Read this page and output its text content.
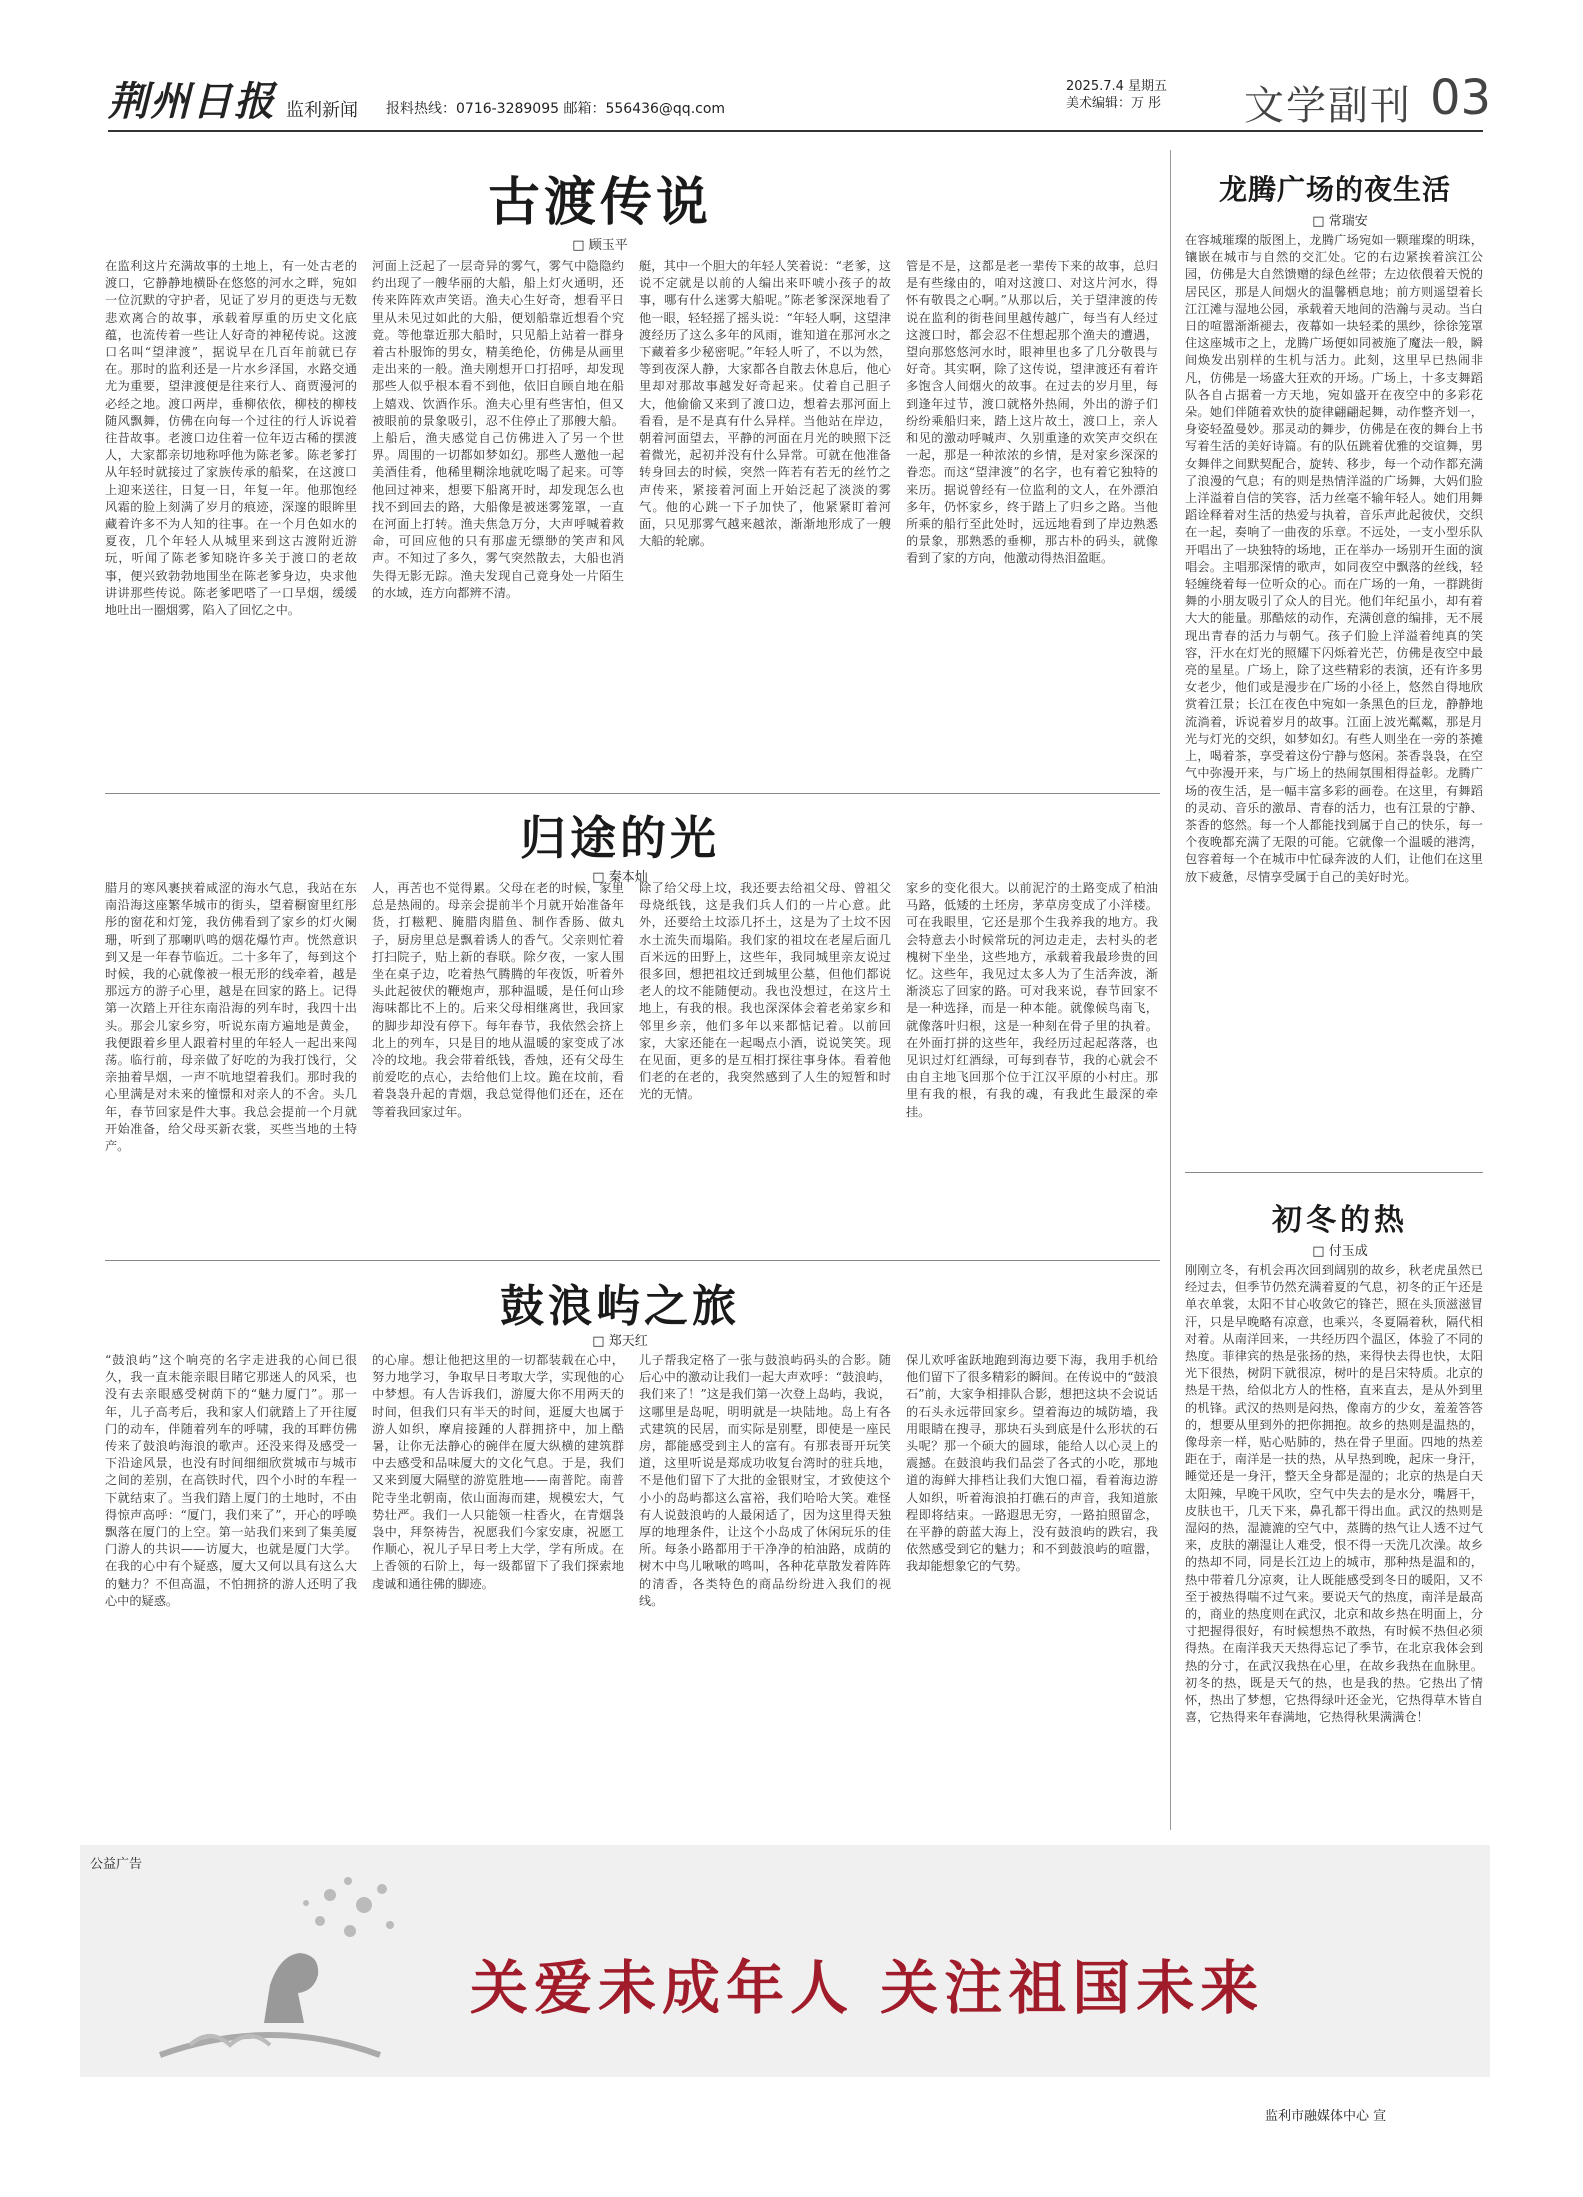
荆州日报 监利新闻 报料热线：0716-3289095 邮箱：556436@qq.com
2025.7.4 星期五
美术编辑：万 彤 文学副刊 03
古渡传说
□ 顾玉平
在监利这片充满故事的土地上，有一处古老的渡口，它静静地横卧在悠悠的河水之畔，宛如一位沉默的守护者，见证了岁月的更迭与无数悲欢离合的故事，承载着厚重的历史文化底蕴，也流传着一些让人好奇的神秘传说。这渡口名叫“望津渡”，据说早在几百年前就已存在。那时的监利还是一片水乡泽国，水路交通尤为重要，望津渡便是往来行人、商贾漫河的必经之地。渡口两岸，垂柳依依，柳枝的柳枝随风飘舞，仿佛在向每一个过往的行人诉说着往昔故事。老渡口边住着一位年迈古稀的摆渡人，大家都亲切地称呼他为陈老爹。陈老爹打从年轻时就接过了家族传承的船桨，在这渡口上迎来送往，日复一日，年复一年。他那饱经风霜的脸上刻满了岁月的痕迹，深邃的眼眸里藏着许多不为人知的往事。在一个月色如水的夏夜，几个年轻人从城里来到这古渡附近游玩，听闻了陈老爹知晓许多关于渡口的老故事，便兴致勃勃地围坐在陈老爹身边，央求他讲讲那些传说。陈老爹吧嗒了一口旱烟，缓缓地吐出一圈烟雾，陷入了回忆之中。
河面上泛起了一层奇异的雾气，雾气中隐隐约约出现了一艘华丽的大船，船上灯火通明，还传来阵阵欢声笑语。渔夫心生好奇，想看平日里从未见过如此的大船，便划船靠近想看个究竟。等他靠近那大船时，只见船上站着一群身着古朴服饰的男女，精美绝伦，仿佛是从画里走出来的一般。渔夫刚想开口打招呼，却发现那些人似乎根本看不到他，依旧自顾自地在船上嬉戏、饮酒作乐。渔夫心里有些害怕，但又被眼前的景象吸引，忍不住停止了那艘大船。上船后，渔夫感觉自己仿佛进入了另一个世界。周围的一切都如梦如幻。那些人邀他一起美酒佳肴，他稀里糊涂地就吃喝了起来。可等他回过神来，想要下船离开时，却发现怎么也找不到回去的路，大船像是被迷雾笼罩，一直在河面上打转。渔夫焦急万分，大声呼喊着救命，可回应他的只有那虚无缥缈的笑声和风声。不知过了多久，雾气突然散去，大船也消失得无影无踪。渔夫发现自己竟身处一片陌生的水域，连方向都辨不清。
艇，其中一个胆大的年轻人笑着说：“老爹，这说不定就是以前的人编出来吓唬小孩子的故事，哪有什么迷雾大船呢。”陈老爹深深地看了他一眼，轻轻摇了摇头说：“年轻人啊，这望津渡经历了这么多年的风雨，谁知道在那河水之下藏着多少秘密呢。”年轻人听了，不以为然，等到夜深人静，大家都各自散去休息后，他心里却对那故事越发好奇起来。仗着自己胆子大，他偷偷又来到了渡口边，想着去那河面上看看，是不是真有什么异样。当他站在岸边，朝着河面望去，平静的河面在月光的映照下泛着微光，起初并没有什么异常。可就在他准备转身回去的时候，突然一阵若有若无的丝竹之声传来，紧接着河面上开始泛起了淡淡的雾气。他的心跳一下子加快了，他紧紧盯着河面，只见那雾气越来越浓，渐渐地形成了一艘大船的轮廓。
管是不是，这都是老一辈传下来的故事，总归是有些缘由的，咱对这渡口、对这片河水，得怀有敬畏之心啊。”从那以后，关于望津渡的传说在监利的街巷间里越传越广，每当有人经过这渡口时，都会忍不住想起那个渔夫的遭遇，望向那悠悠河水时，眼神里也多了几分敬畏与好奇。其实啊，除了这传说，望津渡还有着许多饱含人间烟火的故事。在过去的岁月里，每到逢年过节，渡口就格外热闹，外出的游子们纷纷乘船归来，踏上这片故土，渡口上，亲人和见的激动呼喊声、久别重逢的欢笑声交织在一起，那是一种浓浓的乡情，是对家乡深深的眷恋。而这“望津渡”的名字，也有着它独特的来历。据说曾经有一位监利的文人，在外漂泊多年，仍怀家乡，终于踏上了归乡之路。当他所乘的船行至此处时，远远地看到了岸边熟悉的景象，那熟悉的垂柳，那古朴的码头，就像看到了家的方向，他激动得热泪盈眶。
归途的光
□ 秦本灿
腊月的寒风裹挟着咸涩的海水气息，我站在东南沿海这座繁华城市的街头，望着橱窗里红彤彤的窗花和灯笼，我仿佛看到了家乡的灯火阑珊，听到了那喇叭鸣的烟花爆竹声。恍然意识到又是一年春节临近。二十多年了，每到这个时候，我的心就像被一根无形的线牵着，越是那远方的游子心里，越是在回家的路上。记得第一次踏上开往东南沿海的列车时，我四十出头。那会儿家乡穷，听说东南方遍地是黄金，我便跟着乡里人跟着村里的年轻人一起出来闯荡。临行前，母亲做了好吃的为我打饯行，父亲抽着旱烟，一声不吭地望着我们。那时我的心里满是对未来的憧憬和对亲人的不舍。头几年，春节回家是件大事。我总会提前一个月就开始准备，给父母买新衣裳，买些当地的土特产。
人，再苦也不觉得累。父母在老的时候，家里总是热闹的。母亲会提前半个月就开始准备年货，打糍粑、腌腊肉腊鱼、制作香肠、做丸子，厨房里总是飘着诱人的香气。父亲则忙着打扫院子，贴上新的春联。除夕夜，一家人围坐在桌子边，吃着热气腾腾的年夜饭，听着外头此起彼伏的鞭炮声，那种温暖，是任何山珍海味都比不上的。后来父母相继离世，我回家的脚步却没有停下。每年春节，我依然会挤上北上的列车，只是目的地从温暖的家变成了冰冷的坟地。我会带着纸钱，香烛，还有父母生前爱吃的点心，去给他们上坟。跪在坟前，看着袅袅升起的青烟，我总觉得他们还在，还在等着我回家过年。
除了给父母上坟，我还要去给祖父母、曾祖父母烧纸钱，这是我们兵人们的一片心意。此外，还要给土坟添几抔土，这是为了土坟不因水土流失而塌陷。我们家的祖坟在老屋后面几百米远的田野上，这些年，我同城里亲友说过很多回，想把祖坟迁到城里公墓，但他们都说老人的坟不能随便动。我也没想过，在这片土地上，有我的根。我也深深体会着老弟家乡和邻里乡亲，他们多年以来都惦记着。以前回家，大家还能在一起喝点小酒，说说笑笑。现在见面，更多的是互相打探往事身体。看着他们老的在老的，我突然感到了人生的短暂和时光的无情。
家乡的变化很大。以前泥泞的土路变成了柏油马路，低矮的土坯房，茅草房变成了小洋楼。可在我眼里，它还是那个生我养我的地方。我会特意去小时候常玩的河边走走，去村头的老槐树下坐坐，这些地方，承载着我最珍贵的回忆。这些年，我见过太多人为了生活奔波，渐渐淡忘了回家的路。可对我来说，春节回家不是一种选择，而是一种本能。就像候鸟南飞，就像落叶归根，这是一种刻在骨子里的执着。在外面打拼的这些年，我经历过起起落落，也见识过灯红酒绿，可每到春节，我的心就会不由自主地飞回那个位于江汉平原的小村庄。那里有我的根，有我的魂，有我此生最深的牵挂。
鼓浪屿之旅
□ 郑天红
“鼓浪屿”这个响亮的名字走进我的心间已很久，我一直未能亲眼目睹它那迷人的风采，也没有去亲眼感受树荫下的“魅力厦门”。那一年，儿子高考后，我和家人们就踏上了开往厦门的动车，伴随着列车的呼啸，我的耳畔仿佛传来了鼓浪屿海浪的歌声。还没来得及感受一下沿途风景，也没有时间细细欣赏城市与城市之间的差别，在高铁时代，四个小时的车程一下就结束了。当我们踏上厦门的土地时，不由得惊声高呼：“厦门，我们来了”，开心的呼唤飘落在厦门的上空。第一站我们来到了集美厦门游人的共识——访厦大，也就是厦门大学。在我的心中有个疑惑，厦大又何以具有这么大的魅力？不但高温，不怕拥挤的游人还明了我心中的疑惑。
的心扉。想让他把这里的一切都装载在心中，努力地学习，争取早日考取大学，实现他的心中梦想。有人告诉我们，游厦大你不用两天的时间，但我们只有半天的时间，逛厦大也属于游人如织，摩肩接踵的人群拥挤中，加上酷暑，让你无法静心的碗伴在厦大纵横的建筑群中去感受和品味厦大的文化气息。于是，我们又来到厦大隔壁的游览胜地——南普陀。南普陀寺坐北朝南，依山面海而建，规模宏大，气势壮严。我们一人只能领一柱香火，在青烟袅袅中，拜祭祷告，祝愿我们今家安康，祝愿工作顺心，祝儿子早日考上大学，学有所成。在上香领的石阶上，每一级都留下了我们探索地虔诚和通往佛的脚迹。
儿子帮我定格了一张与鼓浪屿码头的合影。随后心中的激动让我们一起大声欢呼：“鼓浪屿，我们来了！”这是我们第一次登上岛屿，我说，这哪里是岛呢，明明就是一块陆地。岛上有各式建筑的民居，而实际是别墅，即使是一座民房，都能感受到主人的富有。有那表哥开玩笑道，这里听说是郑成功收复台湾时的驻兵地，不是他们留下了大批的金银财宝，才致使这个小小的岛屿都这么富裕，我们哈哈大笑。难怪有人说鼓浪屿的人最闲适了，因为这里得天独厚的地理条件，让这个小岛成了休闲玩乐的佳所。每条小路都用于干净净的柏油路，成荫的树木中鸟儿啾啾的鸣叫，各种花草散发着阵阵的清香，各类特色的商品纷纷进入我们的视线。
保儿欢呼雀跃地跑到海边要下海，我用手机给他们留下了很多精彩的瞬间。在传说中的“鼓浪石”前，大家争相排队合影，想把这块不会说话的石头永远带回家乡。望着海边的城防墙，我用眼睛在搜寻，那块石头到底是什么形状的石头呢？那一个硕大的圆球，能给人以心灵上的震撼。在鼓浪屿我们品尝了各式的小吃，那地道的海鲜大排档让我们大饱口福，看着海边游人如织，听着海浪拍打礁石的声音，我知道旅程即将结束。一路遐思无穷，一路拍照留念，在平静的蔚蓝大海上，没有鼓浪屿的跌宕，我依然感受到它的魅力；和不到鼓浪屿的喧嚣，我却能想象它的气势。
龙腾广场的夜生活
□ 常瑞安
在容城璀璨的版图上，龙腾广场宛如一颗璀璨的明珠，镶嵌在城市与自然的交汇处。它的右边紧挨着滨江公园，仿佛是大自然馈赠的绿色丝带；左边依偎着天悦的居民区，那是人间烟火的温馨栖息地；前方则遥望着长江江滩与湿地公园，承载着天地间的浩瀚与灵动。当白日的喧嚣渐渐褪去，夜幕如一块轻柔的黑纱，徐徐笼罩住这座城市之上，龙腾广场便如同被施了魔法一般，瞬间焕发出别样的生机与活力。此刻，这里早已热闹非凡，仿佛是一场盛大狂欢的开场。广场上，十多支舞蹈队各自占据着一方天地，宛如盛开在夜空中的多彩花朵。她们伴随着欢快的旋律翩翩起舞，动作整齐划一，身姿轻盈曼妙。那灵动的舞步，仿佛是在夜的舞台上书写着生活的美好诗篇。有的队伍跳着优雅的交谊舞，男女舞伴之间默契配合，旋转、移步，每一个动作都充满了浪漫的气息；有的则是热情洋溢的广场舞，大妈们脸上洋溢着自信的笑容，活力丝毫不输年轻人。她们用舞蹈诠释着对生活的热爱与执着，音乐声此起彼伏，交织在一起，奏响了一曲夜的乐章。不远处，一支小型乐队开唱出了一块独特的场地，正在举办一场别开生面的演唱会。主唱那深情的歌声，如同夜空中飘落的丝线，轻轻缠绕着每一位听众的心。而在广场的一角，一群跳街舞的小朋友吸引了众人的目光。他们年纪虽小，却有着大大的能量。那酷炫的动作，充满创意的编排，无不展现出青春的活力与朝气。孩子们脸上洋溢着纯真的笑容，汗水在灯光的照耀下闪烁着光芒，仿佛是夜空中最亮的星星。广场上，除了这些精彩的表演，还有许多男女老少，他们或是漫步在广场的小径上，悠然自得地欣赏着江景；长江在夜色中宛如一条黑色的巨龙，静静地流淌着，诉说着岁月的故事。江面上波光粼粼，那是月光与灯光的交织，如梦如幻。有些人则坐在一旁的茶摊上，喝着茶，享受着这份宁静与悠闲。茶香袅袅，在空气中弥漫开来，与广场上的热闹氛围相得益彰。龙腾广场的夜生活，是一幅丰富多彩的画卷。在这里，有舞蹈的灵动、音乐的激昂、青春的活力，也有江景的宁静、茶香的悠然。每一个人都能找到属于自己的快乐，每一个夜晚都充满了无限的可能。它就像一个温暖的港湾，包容着每一个在城市中忙碌奔波的人们，让他们在这里放下疲惫，尽情享受属于自己的美好时光。
初冬的热
□ 付玉成
刚刚立冬，有机会再次回到阔别的故乡，秋老虎虽然已经过去，但季节仍然充满着夏的气息，初冬的正午还是单衣单裳，太阳不甘心收敛它的锋芒，照在头顶滋滋冒汗，只是早晚略有凉意，也乘兴，冬夏隔着秋，隔代相对着。从南洋回来，一共经历四个温区，体验了不同的热度。菲律宾的热是张扬的热，来得快去得也快，太阳光下很热，树阴下就很凉，树叶的是吕宋特质。北京的热是干热，给似北方人的性格，直来直去，是从外到里的机锋。武汉的热则是闷热，像南方的少女，羞羞答答的，想要从里到外的把你拥抱。故乡的热则是温热的，像母亲一样，贴心贴肺的，热在骨子里面。四地的热差距在于，南洋是一扶的热，从早热到晚，起床一身汗，睡觉还是一身汗，整天全身都是湿的；北京的热是白天太阳辣，早晚干风吹，空气中失去的是水分，嘴唇干，皮肤也干，几天下来，鼻孔都干得出血。武汉的热则是湿闷的热，湿漉漉的空气中，蒸腾的热气让人透不过气来，皮肤的潮湿让人难受，恨不得一天洗几次澡。故乡的热却不同，同是长江边上的城市，那种热是温和的，热中带着几分凉爽，让人既能感受到冬日的暖阳，又不至于被热得喘不过气来。要说天气的热度，南洋是最高的，商业的热度则在武汉，北京和故乡热在明面上，分寸把握得很好，有时候想热不敢热，有时候不热但必须得热。在南洋我天天热得忘记了季节，在北京我体会到热的分寸，在武汉我热在心里，在故乡我热在血脉里。初冬的热，既是天气的热，也是我的热。它热出了情怀，热出了梦想，它热得绿叶还金光，它热得草木皆自喜，它热得来年春满地，它热得秋果满满仓！
公益广告
关爱未成年人 关注祖国未来
监利市融媒体中心 宣
